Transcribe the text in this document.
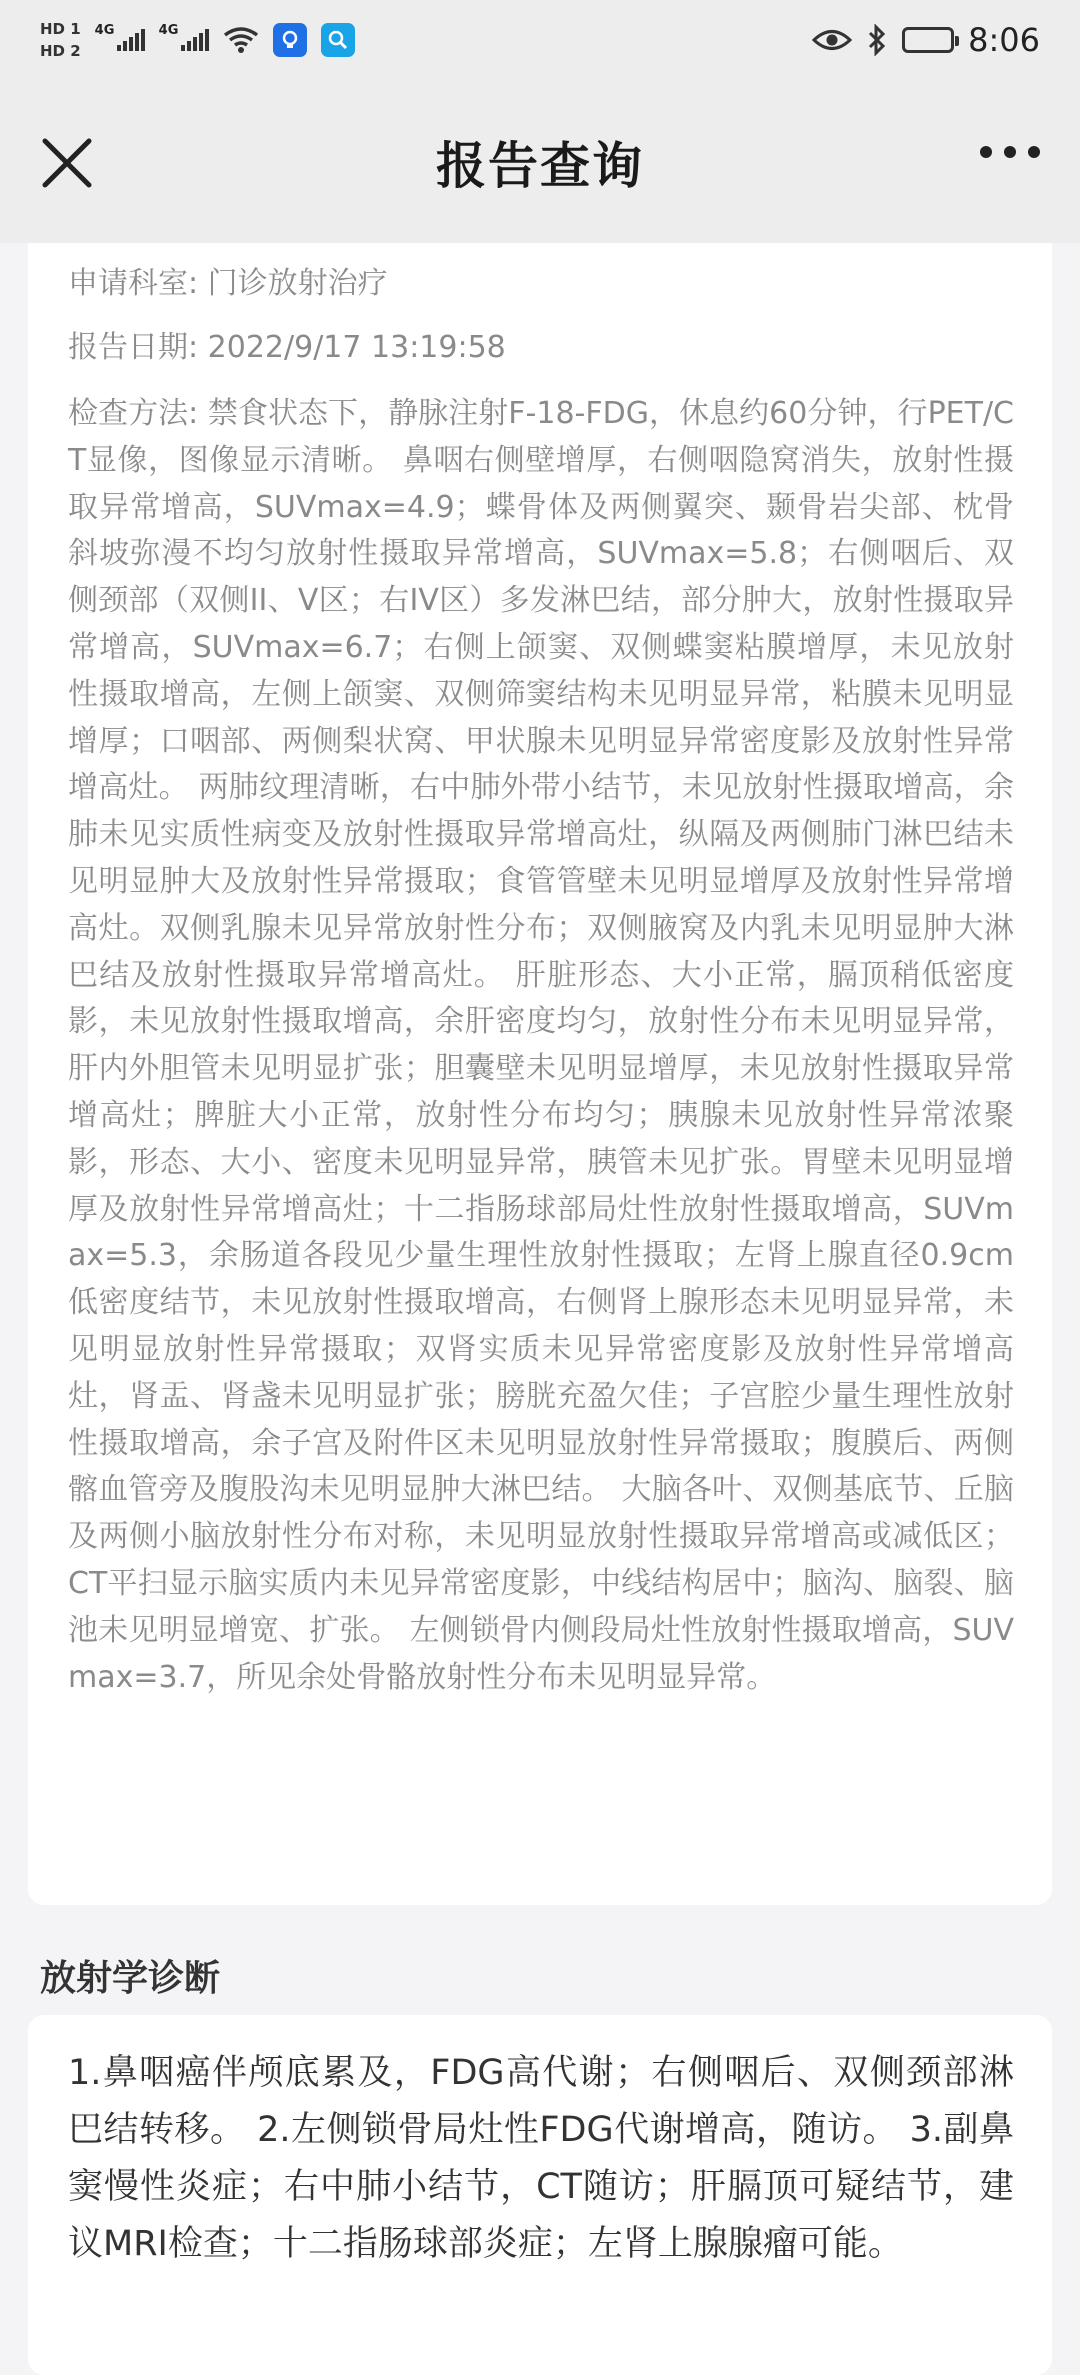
HD 1
HD 2
4G	4G	8:06
报告查询
申请科室: 门诊放射治疗
报告日期: 2022/9/17 13:19:58
检查方法: 禁食状态下，静脉注射F-18-FDG，休息约60分钟，行PET/CT显像，图像显示清晰。 鼻咽右侧壁增厚，右侧咽隐窝消失，放射性摄取异常增高，SUVmax=4.9；蝶骨体及两侧翼突、颞骨岩尖部、枕骨斜坡弥漫不均匀放射性摄取异常增高，SUVmax=5.8；右侧咽后、双侧颈部（双侧II、V区；右IV区）多发淋巴结，部分肿大，放射性摄取异常增高，SUVmax=6.7；右侧上颌窦、双侧蝶窦粘膜增厚，未见放射性摄取增高，左侧上颌窦、双侧筛窦结构未见明显异常，粘膜未见明显增厚；口咽部、两侧梨状窝、甲状腺未见明显异常密度影及放射性异常增高灶。 两肺纹理清晰，右中肺外带小结节，未见放射性摄取增高，余肺未见实质性病变及放射性摄取异常增高灶，纵隔及两侧肺门淋巴结未见明显肿大及放射性异常摄取；食管管壁未见明显增厚及放射性异常增高灶。双侧乳腺未见异常放射性分布；双侧腋窝及内乳未见明显肿大淋巴结及放射性摄取异常增高灶。 肝脏形态、大小正常，膈顶稍低密度影，未见放射性摄取增高，余肝密度均匀，放射性分布未见明显异常，肝内外胆管未见明显扩张；胆囊壁未见明显增厚，未见放射性摄取异常增高灶；脾脏大小正常，放射性分布均匀；胰腺未见放射性异常浓聚影，形态、大小、密度未见明显异常，胰管未见扩张。胃壁未见明显增厚及放射性异常增高灶；十二指肠球部局灶性放射性摄取增高，SUVmax=5.3，余肠道各段见少量生理性放射性摄取；左肾上腺直径0.9cm低密度结节，未见放射性摄取增高，右侧肾上腺形态未见明显异常，未见明显放射性异常摄取；双肾实质未见异常密度影及放射性异常增高灶，肾盂、肾盏未见明显扩张；膀胱充盈欠佳；子宫腔少量生理性放射性摄取增高，余子宫及附件区未见明显放射性异常摄取；腹膜后、两侧髂血管旁及腹股沟未见明显肿大淋巴结。 大脑各叶、双侧基底节、丘脑及两侧小脑放射性分布对称，未见明显放射性摄取异常增高或减低区；CT平扫显示脑实质内未见异常密度影，中线结构居中；脑沟、脑裂、脑池未见明显增宽、扩张。 左侧锁骨内侧段局灶性放射性摄取增高，SUVmax=3.7，所见余处骨骼放射性分布未见明显异常。
放射学诊断
1.鼻咽癌伴颅底累及，FDG高代谢；右侧咽后、双侧颈部淋巴结转移。 2.左侧锁骨局灶性FDG代谢增高，随访。 3.副鼻窦慢性炎症；右中肺小结节，CT随访；肝膈顶可疑结节，建议MRI检查；十二指肠球部炎症；左肾上腺腺瘤可能。
